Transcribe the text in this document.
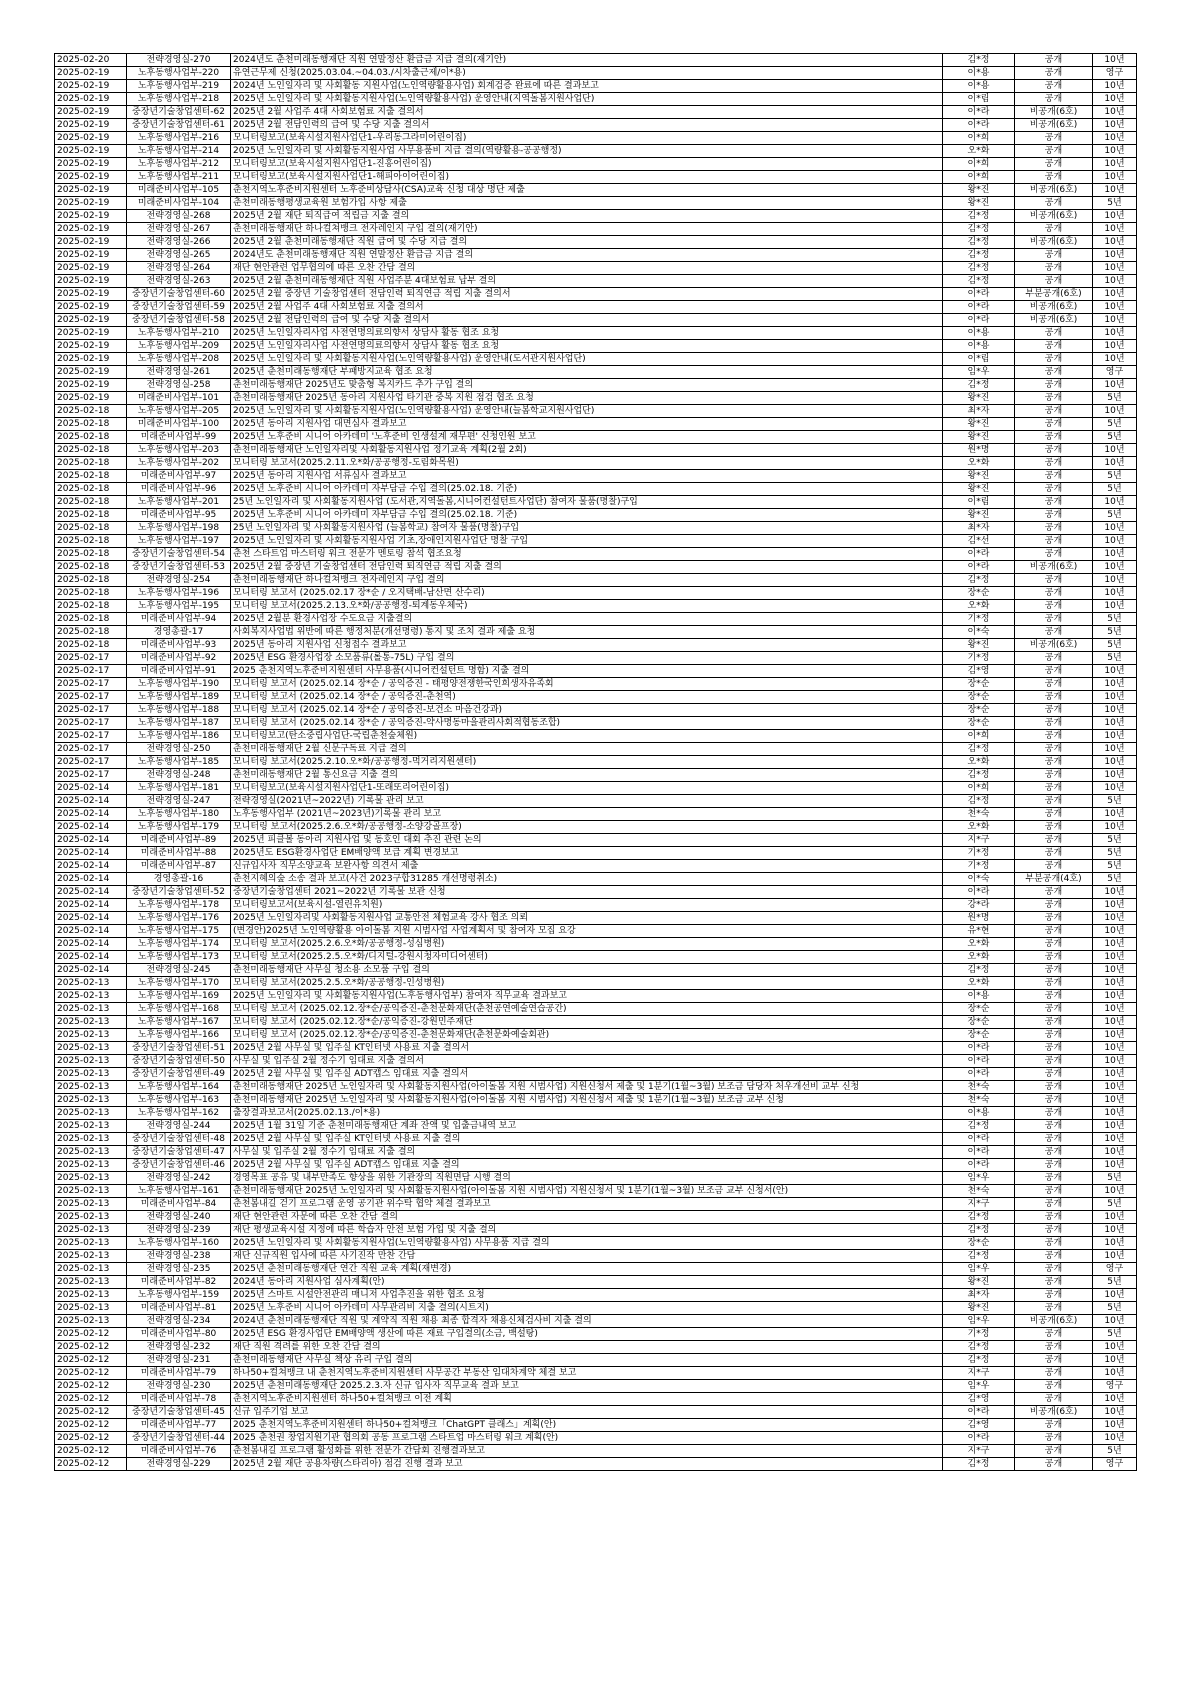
2025-02-20	전략경영실-270	2024년도 춘천미래동행재단 직원 연말정산 환급금 지급 결의(재기안)	김*정	공개	10년
2025-02-19	노후동행사업부-220	유연근무제 신청(2025.03.04.~04.03./시차출근제/이*용)	이*용	공개	영구
2025-02-19	노후동행사업부-219	2024년 노인일자리 및 사회활동 지원사업(노인역량활용사업) 회계검증 완료에 따른 결과보고	이*용	공개	10년
2025-02-19	노후동행사업부-218	2025년 노인일자리 및 사회활동지원사업(노인역량활용사업) 운영안내(지역돌봄지원사업단)	이*림	공개	10년
2025-02-19	중장년기술창업센터-62	2025년 2월 사업주 4대 사회보험료 지출 결의서	이*라	비공개(6호)	10년
2025-02-19	중장년기술창업센터-61	2025년 2월 전담인력의 급여 및 수당 지출 결의서	이*라	비공개(6호)	10년
2025-02-19	노후동행사업부-216	모니터링보고(보육시설지원사업단1-우리동그라미어린이집)	이*희	공개	10년
2025-02-19	노후동행사업부-214	2025년 노인일자리 및 사회활동지원사업 사무용품비 지급 결의(역량활용-공공행정)	오*화	공개	10년
2025-02-19	노후동행사업부-212	모니터링보고(보육시설지원사업단1-진흥어린이집)	이*희	공개	10년
2025-02-19	노후동행사업부-211	모니터링보고(보육시설지원사업단1-해피아이어린이집)	이*희	공개	10년
2025-02-19	미래준비사업부-105	춘천지역노후준비지원센터 노후준비상담사(CSA)교육 신청 대상 명단 제출	왕*진	비공개(6호)	10년
2025-02-19	미래준비사업부-104	춘천미래동행평생교육원 보험가입 사항 제출	왕*진	공개	5년
2025-02-19	전략경영실-268	2025년 2월 재단 퇴직급여 적립금 지출 결의	김*정	비공개(6호)	10년
2025-02-19	전략경영실-267	춘천미래동행재단 하나컬쳐뱅크 전자레인지 구입 결의(재기안)	김*정	공개	10년
2025-02-19	전략경영실-266	2025년 2월 춘천미래동행재단 직원 급여 및 수당 지급 결의	김*정	비공개(6호)	10년
2025-02-19	전략경영실-265	2024년도 춘천미래동행재단 직원 연말정산 환급금 지급 결의	김*정	공개	10년
2025-02-19	전략경영실-264	재단 현안관련 업무협의에 따른 오찬 간담 결의	김*정	공개	10년
2025-02-19	전략경영실-263	2025년 2월 춘천미래동행재단 직원 사업주분 4대보험료 납부 결의	김*정	공개	10년
2025-02-19	중장년기술창업센터-60	2025년 2월 중장년 기술창업센터 전담인력 퇴직연금 적립 지출 결의서	이*라	부분공개(6호)	10년
2025-02-19	중장년기술창업센터-59	2025년 2월 사업주 4대 사회보험료 지출 결의서	이*라	비공개(6호)	10년
2025-02-19	중장년기술창업센터-58	2025년 2월 전담인력의 급여 및 수당 지출 결의서	이*라	비공개(6호)	10년
2025-02-19	노후동행사업부-210	2025년 노인일자리사업 사전연명의료의향서 상담사 활동 협조 요청	이*용	공개	10년
2025-02-19	노후동행사업부-209	2025년 노인일자리사업 사전연명의료의향서 상담사 활동 협조 요청	이*용	공개	10년
2025-02-19	노후동행사업부-208	2025년 노인일자리 및 사회활동지원사업(노인역량활용사업) 운영안내(도서관지원사업단)	이*림	공개	10년
2025-02-19	전략경영실-261	2025년 춘천미래동행재단 부패방지교육 협조 요청	임*우	공개	영구
2025-02-19	전략경영실-258	춘천미래동행재단 2025년도 맞춤형 복지카드 추가 구입 결의	김*정	공개	10년
2025-02-19	미래준비사업부-101	춘천미래동행재단 2025년 동아리 지원사업 타기관 중복 지원 점검 협조 요청	왕*진	공개	5년
2025-02-18	노후동행사업부-205	2025년 노인일자리 및 사회활동지원사업(노인역량활용사업) 운영안내(늘봄학교지원사업단)	최*자	공개	10년
2025-02-18	미래준비사업부-100	2025년 동아리 지원사업 대면심사 결과보고	왕*진	공개	5년
2025-02-18	미래준비사업부-99	2025년 노후준비 시니어 아카데미 '노후준비 인생설계 재무편' 신청인원 보고	왕*진	공개	5년
2025-02-18	노후동행사업부-203	춘천미래동행재단 노인일자리및 사회활동지원사업 정기교육 계획(2월 2회)	원*명	공개	10년
2025-02-18	노후동행사업부-202	모니터링 보고서(2025.2.11.오*화/공공행정-도림화목원)	오*화	공개	10년
2025-02-18	미래준비사업부-97	2025년 동아리 지원사업 서류심사 결과보고	왕*진	공개	5년
2025-02-18	미래준비사업부-96	2025년 노후준비 시니어 아카데미 자부담금 수입 결의(25.02.18. 기준)	왕*진	공개	5년
2025-02-18	노후동행사업부-201	25년 노인일자리 및 사회활동지원사업 (도서관,지역돌봄,시니어컨설턴트사업단) 참여자 물품(명찰)구입	이*림	공개	10년
2025-02-18	미래준비사업부-95	2025년 노후준비 시니어 아카데미 자부담금 수입 결의(25.02.18. 기준)	왕*진	공개	5년
2025-02-18	노후동행사업부-198	25년 노인일자리 및 사회활동지원사업 (늘봄학교) 참여자 물품(명찰)구입	최*자	공개	10년
2025-02-18	노후동행사업부-197	2025년 노인일자리 및 사회활동지원사업 기초,장애인지원사업단 명찰 구입	김*선	공개	10년
2025-02-18	중장년기술창업센터-54	춘천 스타트업 마스터링 워크 전문가 멘토링 참석 협조요청	이*라	공개	10년
2025-02-18	중장년기술창업센터-53	2025년 2월 중장년 기술창업센터 전담인력 퇴직연금 적립 지출 결의	이*라	비공개(6호)	10년
2025-02-18	전략경영실-254	춘천미래동행재단 하나컬쳐뱅크 전자레인지 구입 결의	김*정	공개	10년
2025-02-18	노후동행사업부-196	모니터링 보고서 (2025.02.17 장*순 / 오지택배-남산면 산수리)	장*순	공개	10년
2025-02-18	노후동행사업부-195	모니터링 보고서(2025.2.13.오*화/공공행정-퇴계동우체국)	오*화	공개	10년
2025-02-18	미래준비사업부-94	2025년 2월분 환경사업장 수도요금 지출결의	기*정	공개	5년
2025-02-18	경영총괄-17	사회복지사업법 위반에 따른 행정처분(개선명령) 통지 및 조치 결과 제출 요청	이*숙	공개	5년
2025-02-18	미래준비사업부-93	2025년 동아리 지원사업 신청접수 결과보고	왕*진	비공개(6호)	5년
2025-02-17	미래준비사업부-92	2025년 ESG 환경사업장 소모품류(롤통-75L) 구입 결의	기*정	공개	5년
2025-02-17	미래준비사업부-91	2025 춘천지역노후준비지원센터 사무용품(시니어컨설턴트 명함) 지출 결의	김*영	공개	10년
2025-02-17	노후동행사업부-190	모니터링 보고서 (2025.02.14 장*순 / 공익증진 - 태평양전쟁한국인희생자유족회	장*순	공개	10년
2025-02-17	노후동행사업부-189	모니터링 보고서 (2025.02.14 장*순 / 공익증진-춘천역)	장*순	공개	10년
2025-02-17	노후동행사업부-188	모니터링 보고서 (2025.02.14 장*순 / 공익증진-보건소 마음건강과)	장*순	공개	10년
2025-02-17	노후동행사업부-187	모니터링 보고서 (2025.02.14 장*순 / 공익증진-약사명동마을관리사회적협동조합)	장*순	공개	10년
2025-02-17	노후동행사업부-186	모니터링보고(탄소중립사업단-국립춘천숲체원)	이*희	공개	10년
2025-02-17	전략경영실-250	춘천미래동행재단 2월 신문구독료 지급 결의	김*정	공개	10년
2025-02-17	노후동행사업부-185	모니터링 보고서(2025.2.10.오*화/공공행정-먹거리지원센터)	오*화	공개	10년
2025-02-17	전략경영실-248	춘천미래동행재단 2월 통신요금 지출 결의	김*정	공개	10년
2025-02-14	노후동행사업부-181	모니터링보고(보육시설지원사업단1-또래또리어린이집)	이*희	공개	10년
2025-02-14	전략경영실-247	전략경영실(2021년~2022년) 기록물 관리 보고	김*정	공개	5년
2025-02-14	노후동행사업부-180	노후동행사업부 (2021년~2023년)기록물 관리 보고	천*숙	공개	10년
2025-02-14	노후동행사업부-179	모니터링 보고서(2025.2.6.오*화/공공행정-소양강골프장)	오*화	공개	10년
2025-02-14	미래준비사업부-89	2025년 피클볼 동아리 지원사업 및 동호인 대회 추진 관련 논의	지*구	공개	5년
2025-02-14	미래준비사업부-88	2025년도 ESG환경사업단 EM배양액 보급 계획 변경보고	기*정	공개	5년
2025-02-14	미래준비사업부-87	신규입사자 직무소양교육 보완사항 의견서 제출	기*정	공개	5년
2025-02-14	경영총괄-16	춘천지혜의숲 소송 결과 보고(사건 2023구합31285 개선명령취소)	이*숙	부분공개(4호)	5년
2025-02-14	중장년기술창업센터-52	중장년기술창업센터 2021~2022년 기록물 보관 신청	이*라	공개	10년
2025-02-14	노후동행사업부-178	모니터링보고서(보육시설-열린유치원)	강*라	공개	10년
2025-02-14	노후동행사업부-176	2025년 노인일자리및 사회활동지원사업 교통안전 체험교육 강사 협조 의뢰	원*명	공개	10년
2025-02-14	노후동행사업부-175	(변경안)2025년 노인역량활용 아이돌봄 지원 시범사업 사업계획서 및 참여자 모집 요강	유*현	공개	10년
2025-02-14	노후동행사업부-174	모니터링 보고서(2025.2.6.오*화/공공행정-성심병원)	오*화	공개	10년
2025-02-14	노후동행사업부-173	모니터링 보고서(2025.2.5.오*화/디지털-강원시청자미디어센터)	오*화	공개	10년
2025-02-14	전략경영실-245	춘천미래동행재단 사무실 청소용 소모품 구입 결의	김*정	공개	10년
2025-02-13	노후동행사업부-170	모니터링 보고서(2025.2.5.오*화/공공행정-인성병원)	오*화	공개	10년
2025-02-13	노후동행사업부-169	2025년 노인일자리 및 사회활동지원사업(노후동행사업부) 참여자 직무교육 결과보고	이*용	공개	10년
2025-02-13	노후동행사업부-168	모니터링 보고서 (2025.02.12.장*순/공익증진-춘천문화재단(춘천공연예술연습공간)	장*순	공개	10년
2025-02-13	노후동행사업부-167	모니터링 보고서 (2025.02.12.장*순/공익증진-강원민주재단	장*순	공개	10년
2025-02-13	노후동행사업부-166	모니터링 보고서 (2025.02.12.장*순/공익증진-춘천문화재단(춘천문화예술회관)	장*순	공개	10년
2025-02-13	중장년기술창업센터-51	2025년 2월 사무실 및 입주실 KT인터넷 사용료 지출 결의서	이*라	공개	10년
2025-02-13	중장년기술창업센터-50	사무실 및 입주실 2월 정수기 임대료 지출 결의서	이*라	공개	10년
2025-02-13	중장년기술창업센터-49	2025년 2월 사무실 및 입주실 ADT캡스 임대료 지출 결의서	이*라	공개	10년
2025-02-13	노후동행사업부-164	춘천미래동행재단 2025년 노인일자리 및 사회활동지원사업(아이돌봄 지원 시범사업) 지원신청서 제출 및 1분기(1월~3월) 보조금 담당자 처우개선비 교부 신청	천*숙	공개	10년
2025-02-13	노후동행사업부-163	춘천미래동행재단 2025년 노인일자리 및 사회활동지원사업(아이돌봄 지원 시범사업) 지원신청서 제출 및 1분기(1월~3월) 보조금 교부 신청	천*숙	공개	10년
2025-02-13	노후동행사업부-162	출장결과보고서(2025.02.13./이*용)	이*용	공개	10년
2025-02-13	전략경영실-244	2025년 1월 31일 기준 춘천미래동행재단 계좌 잔액 및 입출금내역 보고	김*정	공개	10년
2025-02-13	중장년기술창업센터-48	2025년 2월 사무실 및 입주실 KT인터넷 사용료 지출 결의	이*라	공개	10년
2025-02-13	중장년기술창업센터-47	사무실 및 입주실 2월 정수기 임대료 지출 결의	이*라	공개	10년
2025-02-13	중장년기술창업센터-46	2025년 2월 사무실 및 입주실 ADT캡스 임대료 지출 결의	이*라	공개	10년
2025-02-13	전략경영실-242	경영목표 공유 및 내부만족도 향상을 위한 기관장의 직원면담 시행 결의	임*우	공개	5년
2025-02-13	노후동행사업부-161	춘천미래동행재단 2025년 노인일자리 및 사회활동지원사업(아이돌봄 지원 시범사업) 지원신청서 및 1분기(1월~3월) 보조금 교부 신청서(안)	천*숙	공개	10년
2025-02-13	미래준비사업부-84	춘천봄내길 걷기 프로그램 운영 공기관 위수탁 협약 체결 결과보고	지*구	공개	5년
2025-02-13	전략경영실-240	재단 현안관련 자문에 따른 오찬 간담 결의	김*정	공개	10년
2025-02-13	전략경영실-239	재단 평생교육시설 지정에 따른 학습자 안전 보험 가입 및 지출 결의	김*정	공개	10년
2025-02-13	노후동행사업부-160	2025년 노인일자리 및 사회활동지원사업(노인역량활용사업) 사무용품 지급 결의	장*순	공개	10년
2025-02-13	전략경영실-238	재단 신규직원 입사에 따른 사기진작 만찬 간담	김*정	공개	10년
2025-02-13	전략경영실-235	2025년 춘천미래동행재단 연간 직원 교육 계획(재변경)	임*우	공개	영구
2025-02-13	미래준비사업부-82	2024년 동아리 지원사업 심사계획(안)	왕*진	공개	5년
2025-02-13	노후동행사업부-159	2025년 스마트 시설안전관리 매니저 사업추진을 위한 협조 요청	최*자	공개	10년
2025-02-13	미래준비사업부-81	2025년 노후준비 시니어 아카데미 사무관리비 지출 결의(시트지)	왕*진	공개	5년
2025-02-13	전략경영실-234	2024년 춘천미래동행재단 직원 및 계약직 직원 채용 최종 합격자 채용신체검사비 지출 결의	임*우	비공개(6호)	10년
2025-02-12	미래준비사업부-80	2025년 ESG 환경사업단 EM배양액 생산에 따른 재료 구입결의(소금, 백설탕)	기*정	공개	5년
2025-02-12	전략경영실-232	재단 직원 격려를 위한 오찬 간담 결의	김*정	공개	10년
2025-02-12	전략경영실-231	춘천미래동행재단 사무실 책상 유리 구입 결의	김*정	공개	10년
2025-02-12	미래준비사업부-79	하나50+컬쳐뱅크 내 춘천지역노후준비지원센터 사무공간 부동산 임대차계약 체결 보고	지*구	공개	10년
2025-02-12	전략경영실-230	2025년 춘천미래동행재단 2025.2.3.자 신규 입사자 직무교육 결과 보고	임*우	공개	영구
2025-02-12	미래준비사업부-78	춘천지역노후준비지원센터 하나50+컬쳐뱅크 이전 계획	김*영	공개	10년
2025-02-12	중장년기술창업센터-45	신규 입주기업 보고	이*라	비공개(6호)	10년
2025-02-12	미래준비사업부-77	2025 춘천지역노후준비지원센터 하나50+컬쳐뱅크「ChatGPT 클래스」계획(안)	김*영	공개	10년
2025-02-12	중장년기술창업센터-44	2025 춘천권 창업지원기관 협의회 공동 프로그램 스타트업 마스터링 워크 계획(안)	이*라	공개	10년
2025-02-12	미래준비사업부-76	춘천봄내길 프로그램 활성화를 위한 전문가 간담회 진행결과보고	지*구	공개	5년
2025-02-12	전략경영실-229	2025년 2월 재단 공용차량(스타리아) 점검 진행 결과 보고	김*정	공개	영구
